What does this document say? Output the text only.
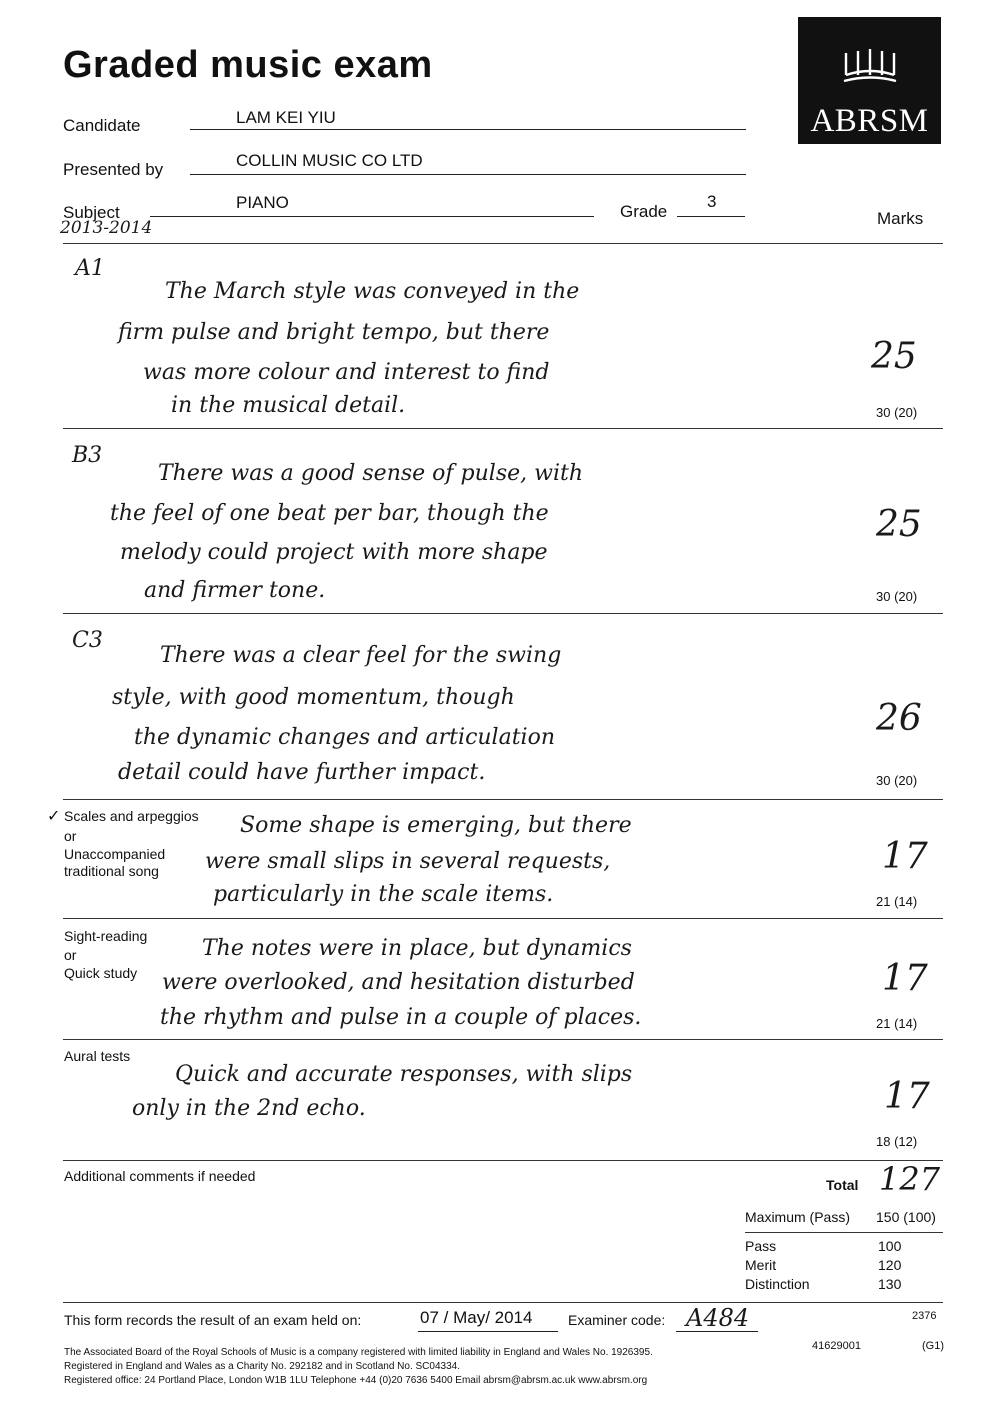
Graded music exam
ABRSM
Candidate	LAM KEI YIU
Presented by	COLLIN MUSIC CO LTD
Subject
2013-2014
PIANO	Grade
3
Marks
A1
The March style was conveyed in the
firm pulse and bright tempo, but there
was more colour and interest to find
in the musical detail.
25
30 (20)
B3
There was a good sense of pulse, with
the feel of one beat per bar, though the
melody could project with more shape
and firmer tone.
25
30 (20)
C3
There was a clear feel for the swing
style, with good momentum, though
the dynamic changes and articulation
detail could have further impact.
26
30 (20)
✓ Scales and arpeggios
or
Unaccompanied
traditional song
Some shape is emerging, but there
were small slips in several requests,
particularly in the scale items.
17
21 (14)
Sight-reading
or
Quick study
The notes were in place, but dynamics
were overlooked, and hesitation disturbed
the rhythm and pulse in a couple of places.
17
21 (14)
Aural tests
Quick and accurate responses, with slips
only in the 2nd echo.	17
18 (12)
Additional comments if needed
Total 127
Maximum (Pass) 150 (100)
Pass	100
Merit	120
Distinction	130
This form records the result of an exam held on:	07 / May/ 2014	Examiner code: A484	2376
41629001	(G1)
The Associated Board of the Royal Schools of Music is a company registered with limited liability in England and Wales No. 1926395.
Registered in England and Wales as a Charity No. 292182 and in Scotland No. SC04334.
Registered office: 24 Portland Place, London W1B 1LU Telephone +44 (0)20 7636 5400 Email abrsm@abrsm.ac.uk www.abrsm.org
